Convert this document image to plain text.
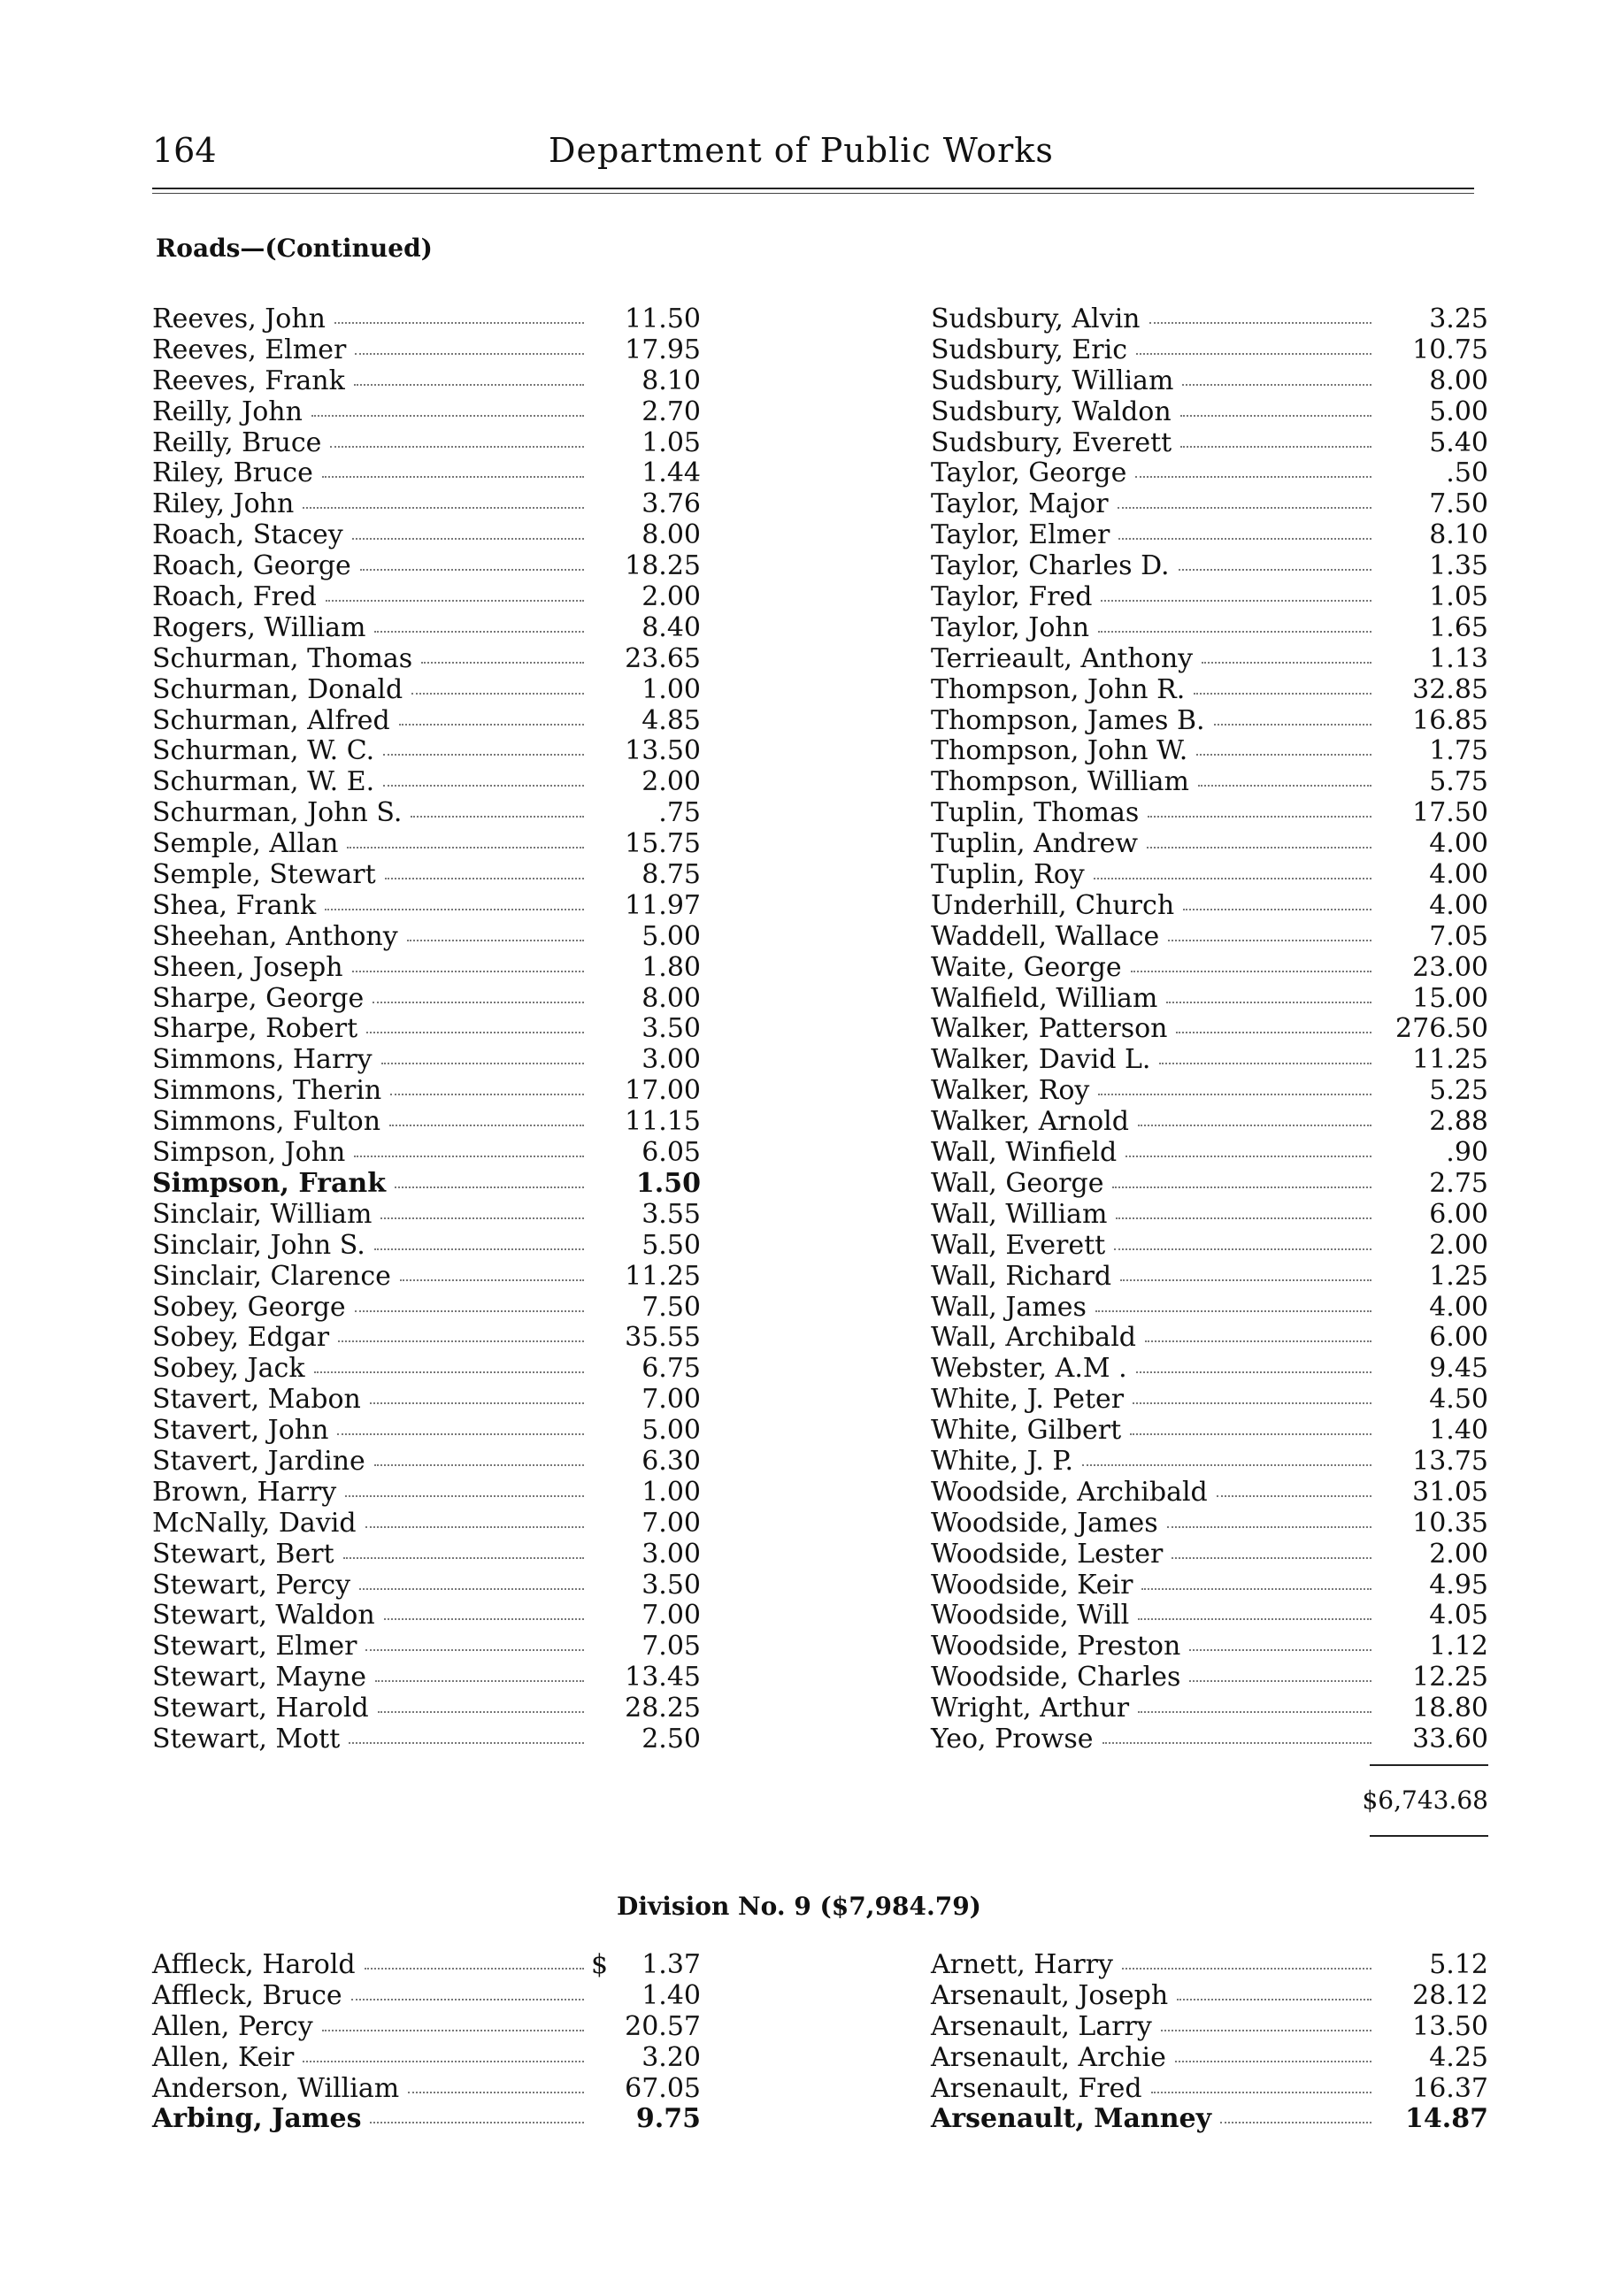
164	Department of Public Works
Roads—(Continued)
Reeves, John	11.50
Reeves, Elmer	17.95
Reeves, Frank	8.10
Reilly, John	2.70
Reilly, Bruce	1.05
Riley, Bruce	1.44
Riley, John	3.76
Roach, Stacey	8.00
Roach, George	18.25
Roach, Fred	2.00
Rogers, William	8.40
Schurman, Thomas	23.65
Schurman, Donald	1.00
Schurman, Alfred	4.85
Schurman, W. C.	13.50
Schurman, W. E.	2.00
Schurman, John S.	.75
Semple, Allan	15.75
Semple, Stewart	8.75
Shea, Frank	11.97
Sheehan, Anthony	5.00
Sheen, Joseph	1.80
Sharpe, George	8.00
Sharpe, Robert	3.50
Simmons, Harry	3.00
Simmons, Therin	17.00
Simmons, Fulton	11.15
Simpson, John	6.05
Simpson, Frank	1.50
Sinclair, William	3.55
Sinclair, John S.	5.50
Sinclair, Clarence	11.25
Sobey, George	7.50
Sobey, Edgar	35.55
Sobey, Jack	6.75
Stavert, Mabon	7.00
Stavert, John	5.00
Stavert, Jardine	6.30
Brown, Harry	1.00
McNally, David	7.00
Stewart, Bert	3.00
Stewart, Percy	3.50
Stewart, Waldon	7.00
Stewart, Elmer	7.05
Stewart, Mayne	13.45
Stewart, Harold	28.25
Stewart, Mott	2.50
Sudsbury, Alvin	3.25
Sudsbury, Eric	10.75
Sudsbury, William	8.00
Sudsbury, Waldon	5.00
Sudsbury, Everett	5.40
Taylor, George	.50
Taylor, Major	7.50
Taylor, Elmer	8.10
Taylor, Charles D.	1.35
Taylor, Fred	1.05
Taylor, John	1.65
Terrieault, Anthony	1.13
Thompson, John R.	32.85
Thompson, James B.	16.85
Thompson, John W.	1.75
Thompson, William	5.75
Tuplin, Thomas	17.50
Tuplin, Andrew	4.00
Tuplin, Roy	4.00
Underhill, Church	4.00
Waddell, Wallace	7.05
Waite, George	23.00
Walfield, William	15.00
Walker, Patterson	276.50
Walker, David L.	11.25
Walker, Roy	5.25
Walker, Arnold	2.88
Wall, Winfield	.90
Wall, George	2.75
Wall, William	6.00
Wall, Everett	2.00
Wall, Richard	1.25
Wall, James	4.00
Wall, Archibald	6.00
Webster, A.M .	9.45
White, J. Peter	4.50
White, Gilbert	1.40
White, J. P.	13.75
Woodside, Archibald	31.05
Woodside, James	10.35
Woodside, Lester	2.00
Woodside, Keir	4.95
Woodside, Will	4.05
Woodside, Preston	1.12
Woodside, Charles	12.25
Wright, Arthur	18.80
Yeo, Prowse	33.60
$6,743.68
Division No. 9 ($7,984.79)
Affleck, Harold	$	1.37
Affleck, Bruce	1.40
Allen, Percy	20.57
Allen, Keir	3.20
Anderson, William	67.05
Arbing, James	9.75
Arnett, Harry	5.12
Arsenault, Joseph	28.12
Arsenault, Larry	13.50
Arsenault, Archie	4.25
Arsenault, Fred	16.37
Arsenault, Manney	14.87
